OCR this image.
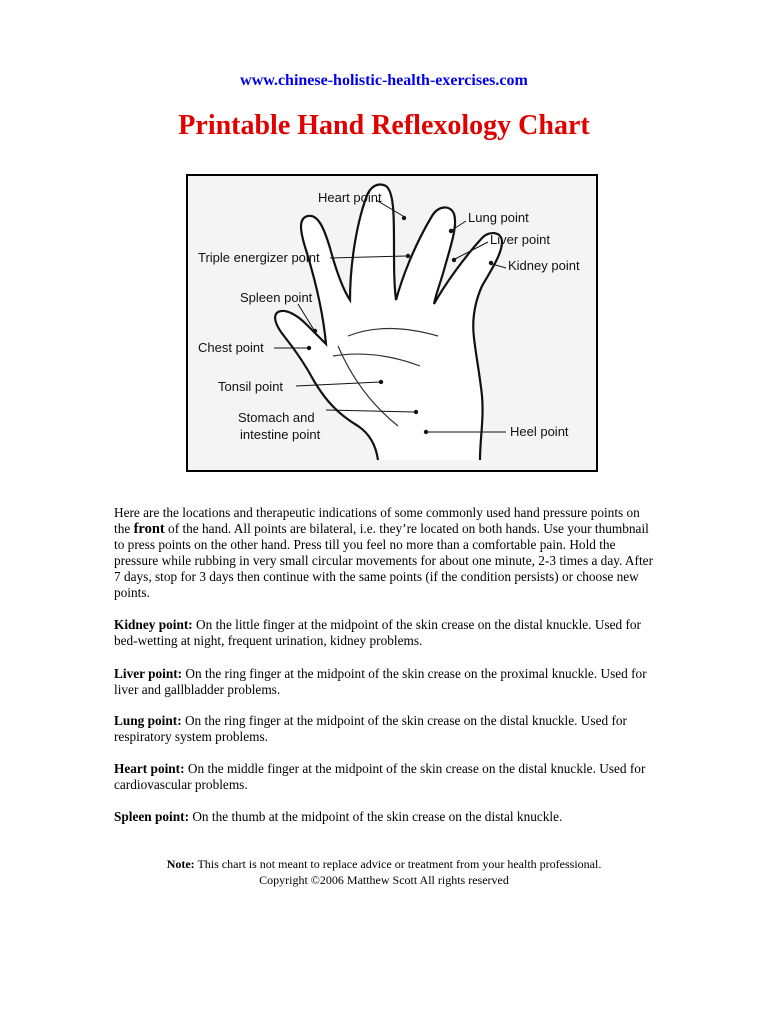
www.chinese-holistic-health-exercises.com
Printable Hand Reflexology Chart
Heart point
Lung point
Liver point
Triple energizer point
Kidney point
Spleen point
Chest point
Tonsil point
Stomach and
intestine point	Heel point

Here are the locations and therapeutic indications of some commonly used hand pressure points on the front of the hand. All points are bilateral, i.e. they’re located on both hands. Use your thumbnail to press points on the other hand. Press till you feel no more than a comfortable pain. Hold the pressure while rubbing in very small circular movements for about one minute, 2-3 times a day. After 7 days, stop for 3 days then continue with the same points (if the condition persists) or choose new points.

Kidney point: On the little finger at the midpoint of the skin crease on the distal knuckle. Used for bed-wetting at night, frequent urination, kidney problems.

Liver point: On the ring finger at the midpoint of the skin crease on the proximal knuckle. Used for liver and gallbladder problems.

Lung point: On the ring finger at the midpoint of the skin crease on the distal knuckle. Used for respiratory system problems.

Heart point: On the middle finger at the midpoint of the skin crease on the distal knuckle. Used for cardiovascular problems.

Spleen point: On the thumb at the midpoint of the skin crease on the distal knuckle.

Note: This chart is not meant to replace advice or treatment from your health professional.
Copyright ©2006 Matthew Scott All rights reserved
